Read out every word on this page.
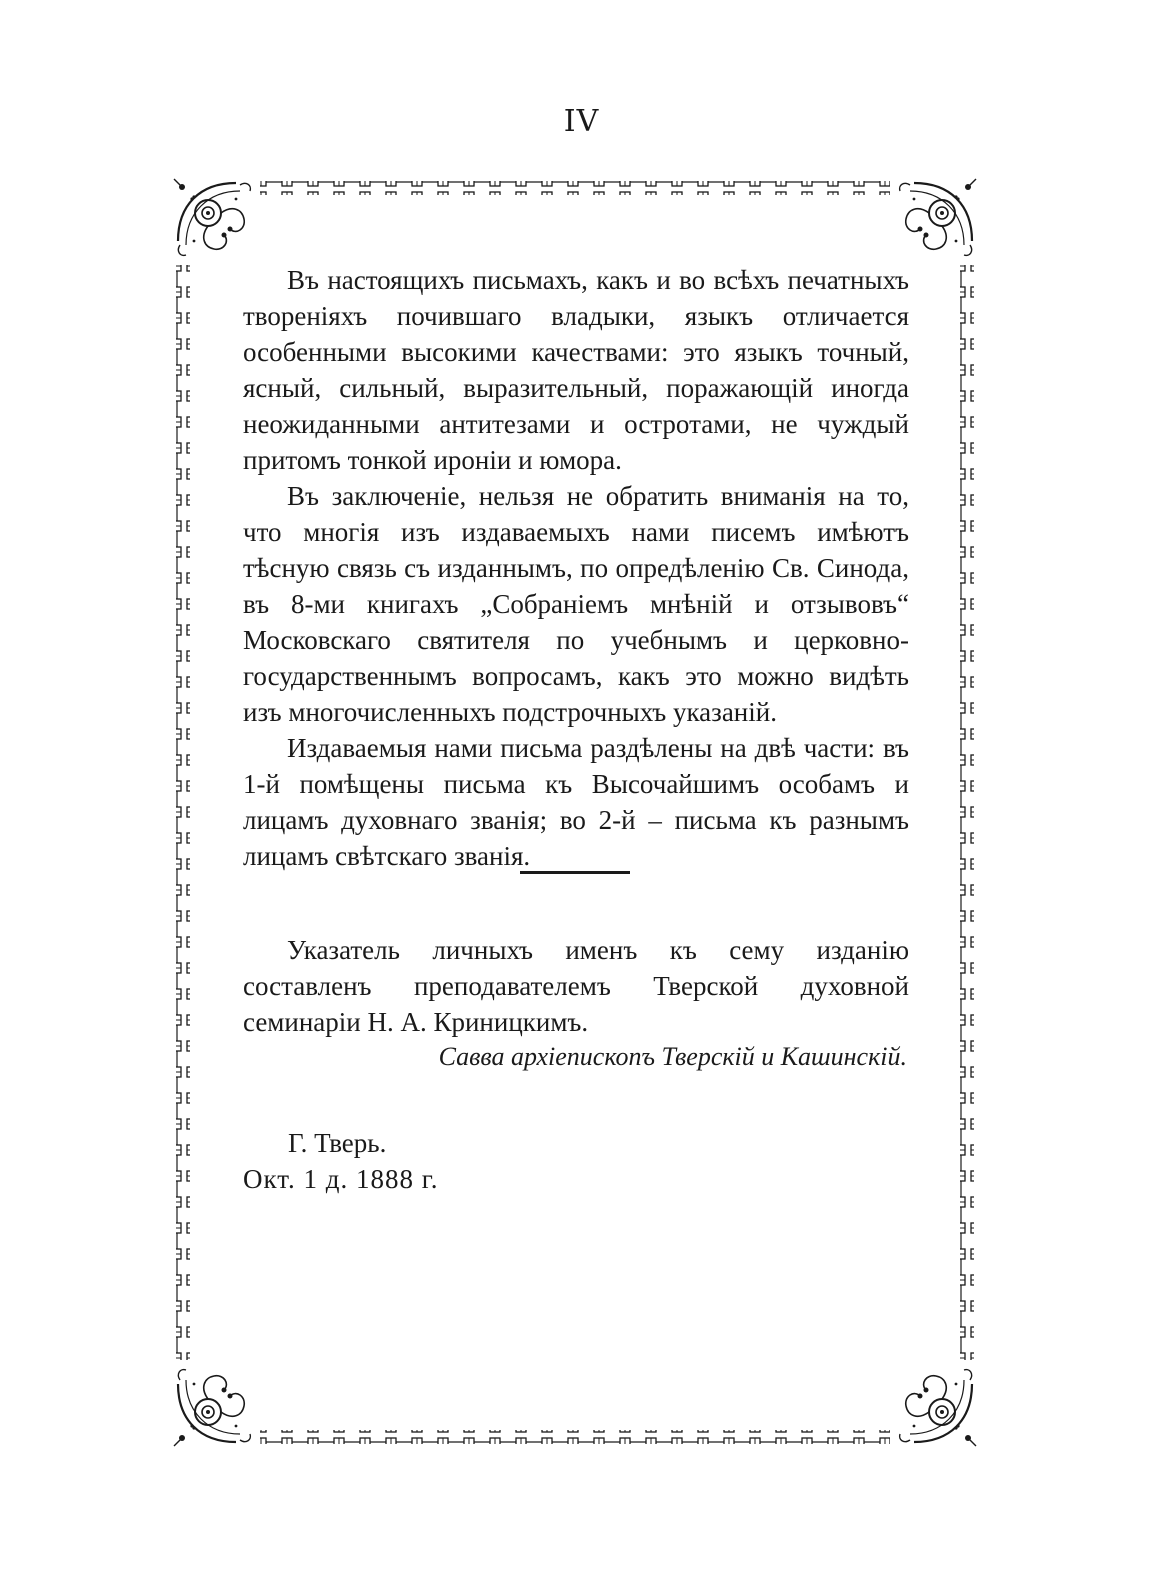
IV

Въ настоящихъ письмахъ, какъ и во всѣхъ печатныхъ твореніяхъ почившаго владыки, языкъ отличается особенными высокими качествами: это языкъ точный, ясный, сильный, выразительный, поражающій иногда неожиданными антитезами и остротами, не чуждый притомъ тонкой ироніи и юмора.

Въ заключеніе, нельзя не обратить вниманія на то, что многія изъ издаваемыхъ нами писемъ имѣютъ тѣсную связь съ изданнымъ, по опредѣленію Св. Синода, въ 8-ми книгахъ „Собраніемъ мнѣній и отзывовъ“ Московскаго святителя по учебнымъ и церковно-государственнымъ вопросамъ, какъ это можно видѣть изъ многочисленныхъ подстрочныхъ указаній.

Издаваемыя нами письма раздѣлены на двѣ части: въ 1-й помѣщены письма къ Высочайшимъ особамъ и лицамъ духовнаго званія; во 2-й – письма къ разнымъ лицамъ свѣтскаго званія.

Указатель личныхъ именъ къ сему изданію составленъ преподавателемъ Тверской духовной семинаріи Н. А. Криницкимъ.

Савва архіепископъ Тверскій и Кашинскій.
Г. Тверь.
Окт. 1 д. 1888 г.
